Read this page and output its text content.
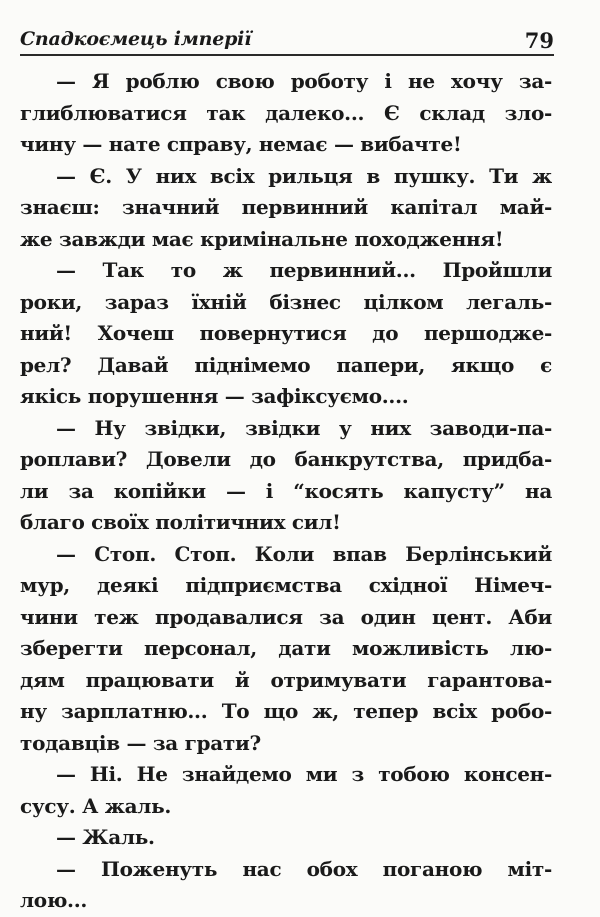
Спадкоємець імперії	79
— Я роблю свою роботу і не хочу за-
глиблюватися так далеко... Є склад зло-
чину — нате справу, немає — вибачте!
— Є. У них всіх рильця в пушку. Ти ж
знаєш: значний первинний капітал май-
же завжди має кримінальне походження!
— Так то ж первинний... Пройшли
роки, зараз їхній бізнес цілком легаль-
ний! Хочеш повернутися до першодже-
рел? Давай піднімемо папери, якщо є
якісь порушення — зафіксуємо....
— Ну звідки, звідки у них заводи-па-
роплави? Довели до банкрутства, придба-
ли за копійки — і “косять капусту” на
благо своїх політичних сил!
— Стоп. Стоп. Коли впав Берлінський
мур, деякі підприємства східної Німеч-
чини теж продавалися за один цент. Аби
зберегти персонал, дати можливість лю-
дям працювати й отримувати гарантова-
ну зарплатню... То що ж, тепер всіх робо-
тодавців — за грати?
— Ні. Не знайдемо ми з тобою консен-
сусу. А жаль.
— Жаль.
— Поженуть нас обох поганою міт-
лою...
